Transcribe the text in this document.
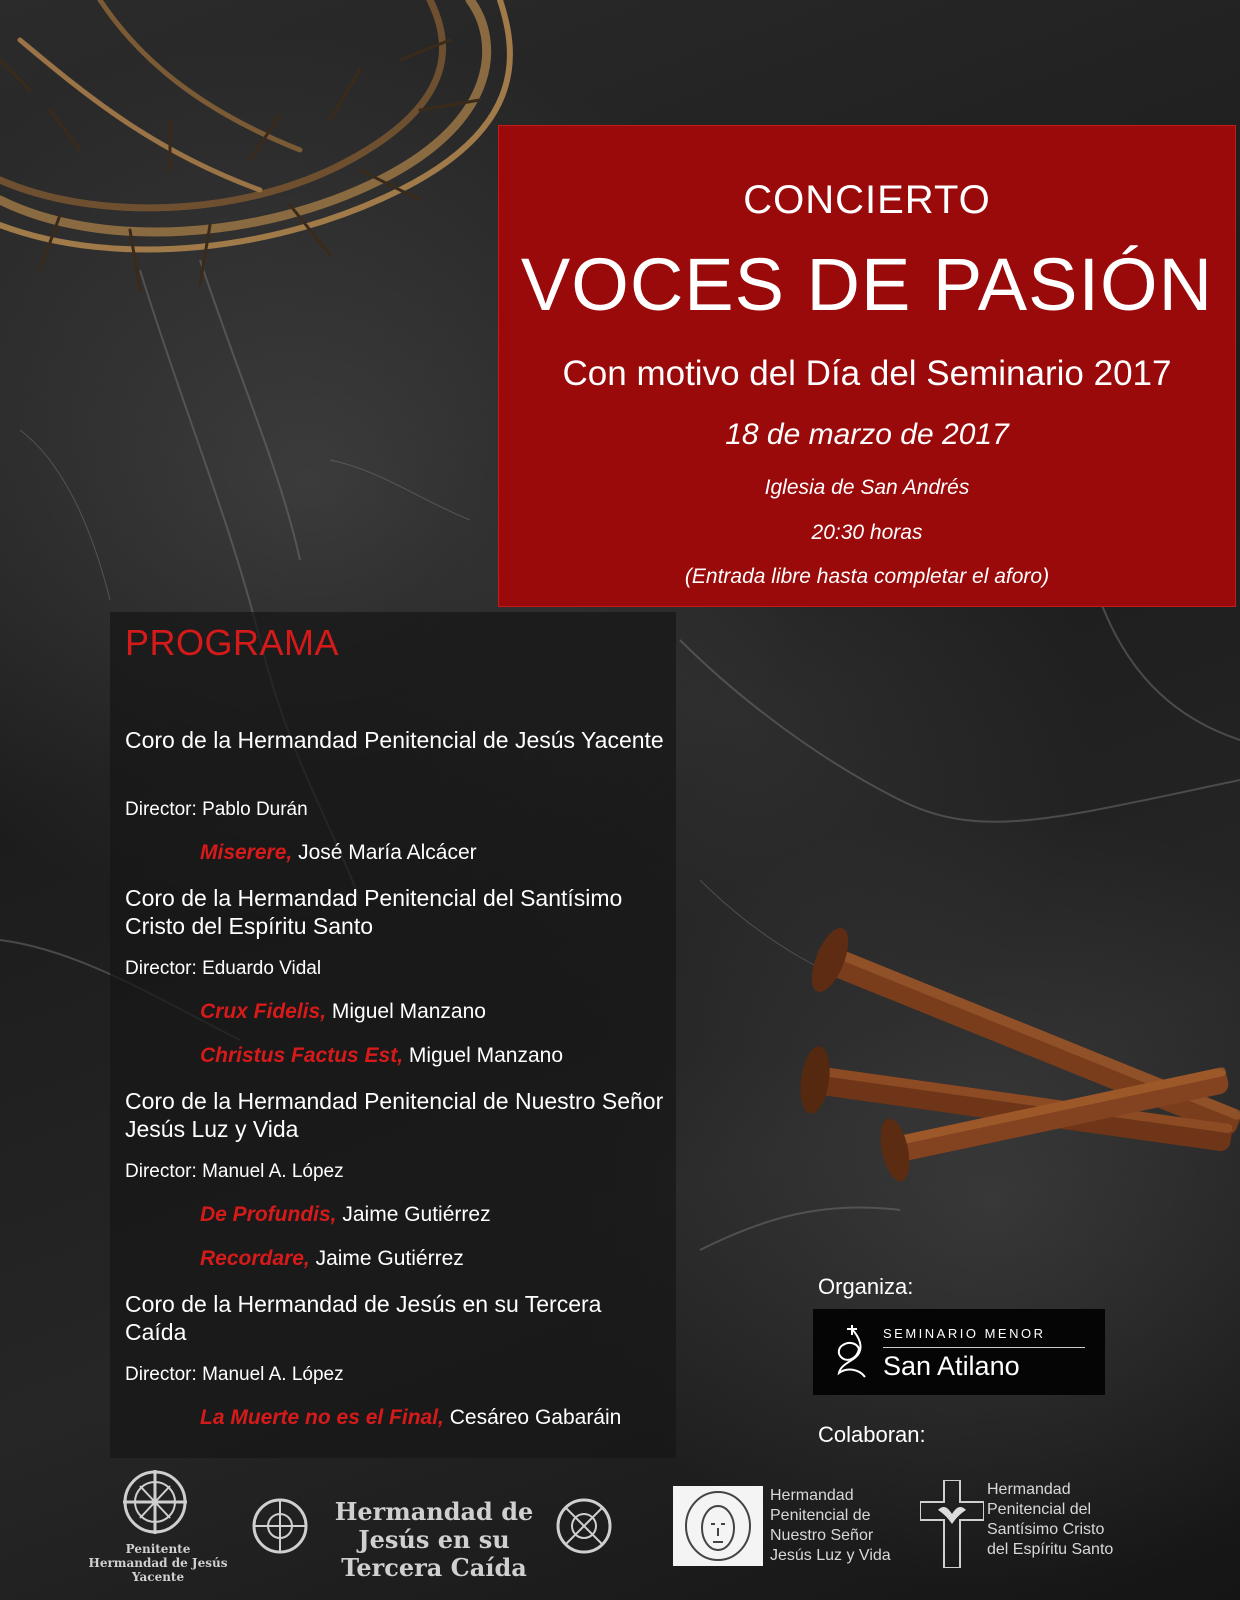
CONCIERTO
VOCES DE PASIÓN
Con motivo del Día del Seminario 2017
18 de marzo de 2017
Iglesia de San Andrés
20:30 horas
(Entrada libre hasta completar el aforo)
PROGRAMA
Coro de la Hermandad Penitencial de Jesús Yacente
Director: Pablo Durán
Miserere, José María Alcácer
Coro de la Hermandad Penitencial del Santísimo Cristo del Espíritu Santo
Director: Eduardo Vidal
Crux Fidelis, Miguel Manzano
Christus Factus Est, Miguel Manzano
Coro de la Hermandad Penitencial de Nuestro Señor Jesús Luz y Vida
Director: Manuel A. López
De Profundis, Jaime Gutiérrez
Recordare, Jaime Gutiérrez
Coro de la Hermandad de Jesús en su Tercera Caída
Director: Manuel A. López
La Muerte no es el Final, Cesáreo Gabaráin
Organiza:
SEMINARIO MENOR
San Atilano
Colaboran:
Penitente Hermandad de Jesús Yacente
Hermandad de Jesús en su Tercera Caída
Hermandad
Penitencial de
Nuestro Señor
Jesús Luz y Vida
Hermandad
Penitencial del
Santísimo Cristo
del Espíritu Santo
